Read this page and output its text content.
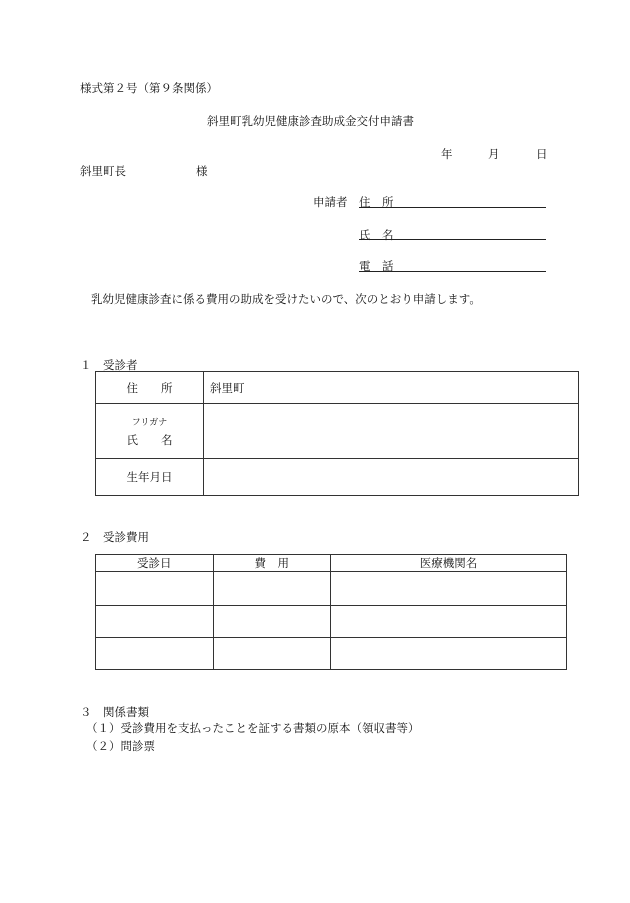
様式第２号（第９条関係）
斜里町乳幼児健康診査助成金交付申請書
年	月	日
斜里町長	様
申請者 住　所
氏　名
電　話
乳幼児健康診査に係る費用の助成を受けたいので、次のとおり申請します。
１　受診者
住　　所	斜里町

フリガナ
氏　　名	
生年月日	
２　受診費用
受診日	費　用	医療機関名

３　関係書類
（１）受診費用を支払ったことを証する書類の原本（領収書等）
（２）問診票
